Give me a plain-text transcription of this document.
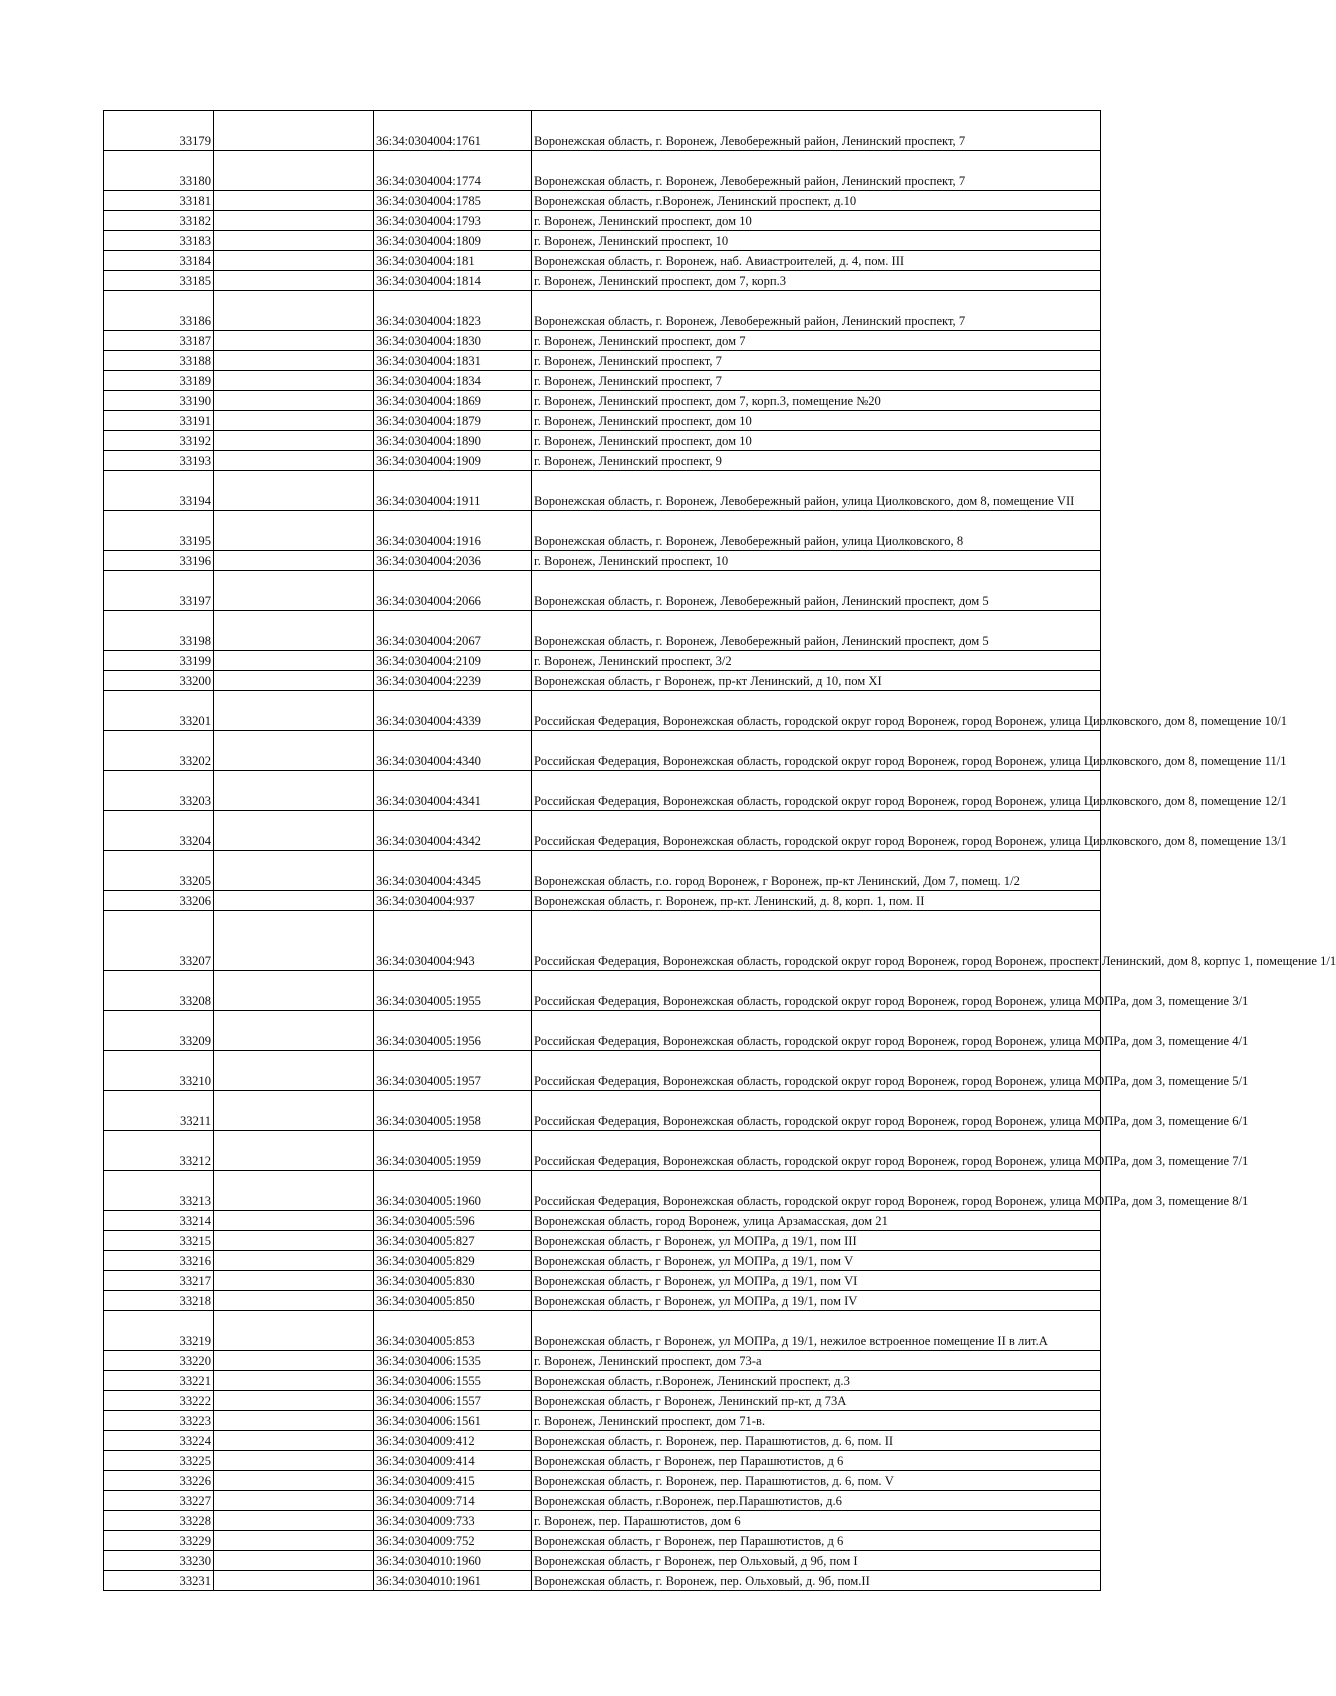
33179		36:34:0304004:1761	Воронежская область, г. Воронеж, Левобережный район, Ленинский проспект, 7
33180		36:34:0304004:1774	Воронежская область, г. Воронеж, Левобережный район, Ленинский проспект, 7
33181		36:34:0304004:1785	Воронежская область, г.Воронеж, Ленинский проспект, д.10
33182		36:34:0304004:1793	г. Воронеж, Ленинский проспект, дом 10
33183		36:34:0304004:1809	г. Воронеж, Ленинский проспект, 10
33184		36:34:0304004:181	Воронежская область, г. Воронеж, наб. Авиастроителей, д. 4, пом. III
33185		36:34:0304004:1814	г. Воронеж, Ленинский проспект, дом 7, корп.3
33186		36:34:0304004:1823	Воронежская область, г. Воронеж, Левобережный район, Ленинский проспект, 7
33187		36:34:0304004:1830	г. Воронеж, Ленинский проспект, дом 7
33188		36:34:0304004:1831	г. Воронеж, Ленинский проспект, 7
33189		36:34:0304004:1834	г. Воронеж, Ленинский проспект, 7
33190		36:34:0304004:1869	г. Воронеж, Ленинский проспект, дом 7, корп.3, помещение №20
33191		36:34:0304004:1879	г. Воронеж, Ленинский проспект, дом 10
33192		36:34:0304004:1890	г. Воронеж, Ленинский проспект, дом 10
33193		36:34:0304004:1909	г. Воронеж, Ленинский проспект, 9
33194		36:34:0304004:1911	Воронежская область, г. Воронеж, Левобережный район, улица Циолковского, дом 8, помещение VII
33195		36:34:0304004:1916	Воронежская область, г. Воронеж, Левобережный район, улица Циолковского, 8
33196		36:34:0304004:2036	г. Воронеж, Ленинский проспект, 10
33197		36:34:0304004:2066	Воронежская область, г. Воронеж, Левобережный район, Ленинский проспект, дом 5
33198		36:34:0304004:2067	Воронежская область, г. Воронеж, Левобережный район, Ленинский проспект, дом 5
33199		36:34:0304004:2109	г. Воронеж, Ленинский проспект, 3/2
33200		36:34:0304004:2239	Воронежская область, г Воронеж, пр-кт Ленинский, д 10, пом XI
33201		36:34:0304004:4339	Российская Федерация, Воронежская область, городской округ город Воронеж, город Воронеж, улица Циолковского, дом 8, помещение 10/1
33202		36:34:0304004:4340	Российская Федерация, Воронежская область, городской округ город Воронеж, город Воронеж, улица Циолковского, дом 8, помещение 11/1
33203		36:34:0304004:4341	Российская Федерация, Воронежская область, городской округ город Воронеж, город Воронеж, улица Циолковского, дом 8, помещение 12/1
33204		36:34:0304004:4342	Российская Федерация, Воронежская область, городской округ город Воронеж, город Воронеж, улица Циолковского, дом 8, помещение 13/1
33205		36:34:0304004:4345	Воронежская область, г.о. город Воронеж, г Воронеж, пр-кт Ленинский, Дом 7, помещ. 1/2
33206		36:34:0304004:937	Воронежская область, г. Воронеж, пр-кт. Ленинский, д. 8, корп. 1, пом. II
33207		36:34:0304004:943	Российская Федерация, Воронежская область, городской округ город Воронеж, город Воронеж, проспект Ленинский, дом 8, корпус 1, помещение 1/1
33208		36:34:0304005:1955	Российская Федерация, Воронежская область, городской округ город Воронеж, город Воронеж, улица МОПРа, дом 3, помещение 3/1
33209		36:34:0304005:1956	Российская Федерация, Воронежская область, городской округ город Воронеж, город Воронеж, улица МОПРа, дом 3, помещение 4/1
33210		36:34:0304005:1957	Российская Федерация, Воронежская область, городской округ город Воронеж, город Воронеж, улица МОПРа, дом 3, помещение 5/1
33211		36:34:0304005:1958	Российская Федерация, Воронежская область, городской округ город Воронеж, город Воронеж, улица МОПРа, дом 3, помещение 6/1
33212		36:34:0304005:1959	Российская Федерация, Воронежская область, городской округ город Воронеж, город Воронеж, улица МОПРа, дом 3, помещение 7/1
33213		36:34:0304005:1960	Российская Федерация, Воронежская область, городской округ город Воронеж, город Воронеж, улица МОПРа, дом 3, помещение 8/1
33214		36:34:0304005:596	Воронежская область, город Воронеж, улица Арзамасская, дом 21
33215		36:34:0304005:827	Воронежская область, г Воронеж, ул МОПРа, д 19/1, пом III
33216		36:34:0304005:829	Воронежская область, г Воронеж, ул МОПРа, д 19/1, пом V
33217		36:34:0304005:830	Воронежская область, г Воронеж, ул МОПРа, д 19/1, пом VI
33218		36:34:0304005:850	Воронежская область, г Воронеж, ул МОПРа, д 19/1, пом IV
33219		36:34:0304005:853	Воронежская область, г Воронеж, ул МОПРа, д 19/1, нежилое встроенное помещение II в лит.А
33220		36:34:0304006:1535	г. Воронеж, Ленинский проспект, дом 73-а
33221		36:34:0304006:1555	Воронежская область, г.Воронеж, Ленинский проспект, д.3
33222		36:34:0304006:1557	Воронежская область, г Воронеж, Ленинский пр-кт, д 73А
33223		36:34:0304006:1561	г. Воронеж, Ленинский проспект, дом 71-в.
33224		36:34:0304009:412	Воронежская область, г. Воронеж, пер. Парашютистов, д. 6, пом. II
33225		36:34:0304009:414	Воронежская область, г Воронеж, пер Парашютистов, д 6
33226		36:34:0304009:415	Воронежская область, г. Воронеж, пер. Парашютистов, д. 6, пом. V
33227		36:34:0304009:714	Воронежская область, г.Воронеж, пер.Парашютистов, д.6
33228		36:34:0304009:733	г. Воронеж, пер. Парашютистов, дом 6
33229		36:34:0304009:752	Воронежская область, г Воронеж, пер Парашютистов, д 6
33230		36:34:0304010:1960	Воронежская область, г Воронеж, пер Ольховый, д 9б, пом I
33231		36:34:0304010:1961	Воронежская область, г. Воронеж, пер. Ольховый, д. 9б, пом.II
